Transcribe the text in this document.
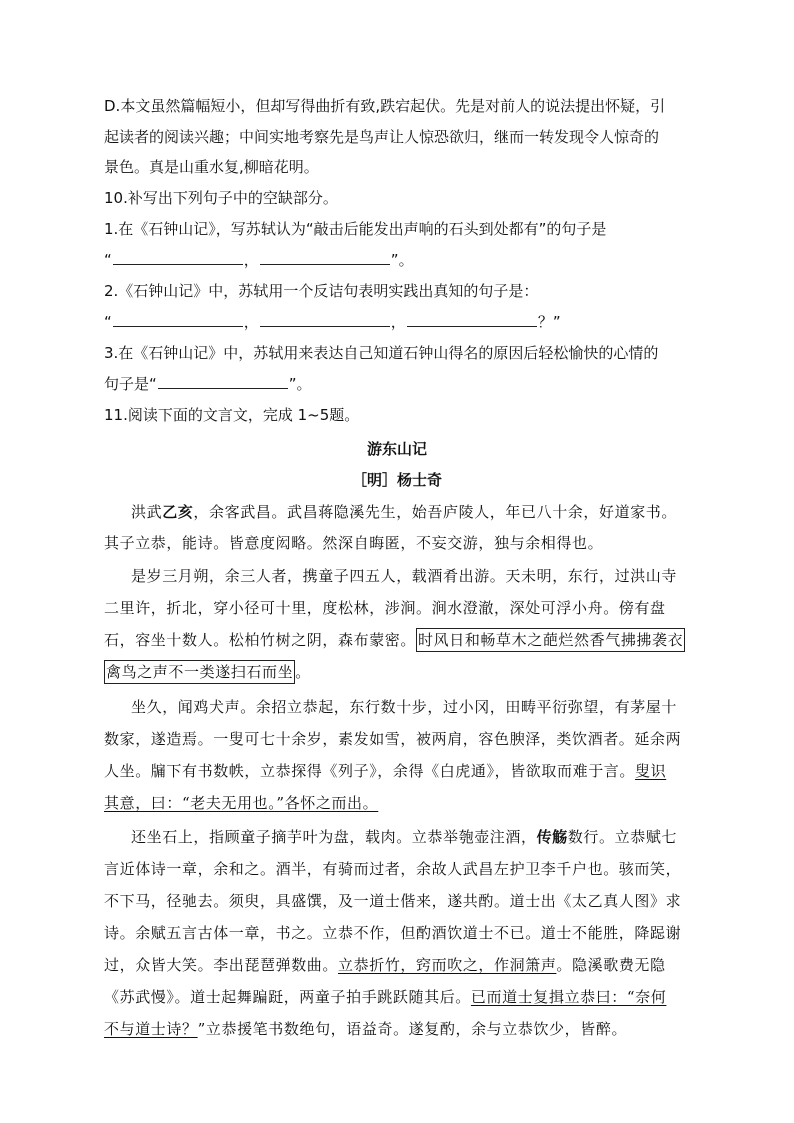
D.本文虽然篇幅短小，但却写得曲折有致,跌宕起伏。先是对前人的说法提出怀疑，引
起读者的阅读兴趣；中间实地考察先是鸟声让人惊恐欲归，继而一转发现令人惊奇的
景色。真是山重水复,柳暗花明。
10.补写出下列句子中的空缺部分。
1.在《石钟山记》，写苏轼认为“敲击后能发出声响的石头到处都有”的句子是
“	，	”。
2.《石钟山记》中，苏轼用一个反诘句表明实践出真知的句子是：
“	，	，	？”
3.在《石钟山记》中，苏轼用来表达自己知道石钟山得名的原因后轻松愉快的心情的
句子是“	”。
11.阅读下面的文言文，完成 1~5题。
游东山记
［明］杨士奇
洪武乙亥，余客武昌。武昌蒋隐溪先生，始吾庐陵人，年已八十余，好道家书。
其子立恭，能诗。皆意度闳略。然深自晦匿，不妄交游，独与余相得也。
是岁三月朔，余三人者，携童子四五人，载酒肴出游。天未明，东行，过洪山寺
二里许，折北，穿小径可十里，度松林，涉涧。涧水澄澈，深处可浮小舟。傍有盘
石，容坐十数人。松柏竹树之阴，森布蒙密。 时风日和畅草木之葩烂然香气拂拂袭衣
禽鸟之声不一类遂扫石而坐 。
坐久，闻鸡犬声。余招立恭起，东行数十步，过小冈，田畴平衍弥望，有茅屋十
数家，遂造焉。一叟可七十余岁，素发如雪，被两肩，容色腴泽，类饮酒者。延余两
人坐。牖下有书数帙，立恭探得《列子》，余得《白虎通》，皆欲取而难于言。叟识
其意，曰：“老夫无用也。”各怀之而出。
还坐石上，指顾童子摘芋叶为盘，载肉。立恭举匏壶注酒，传觞数行。立恭赋七
言近体诗一章，余和之。酒半，有骑而过者，余故人武昌左护卫李千户也。骇而笑，
不下马，径驰去。须臾，具盛馔，及一道士偕来，遂共酌。道士出《太乙真人图》求
诗。余赋五言古体一章，书之。立恭不作，但酌酒饮道士不已。道士不能胜，降跽谢
过，众皆大笑。李出琵琶弹数曲。立恭折竹，窍而吹之，作洞箫声。隐溪歌费无隐
《苏武慢》。道士起舞蹁跹，两童子拍手跳跃随其后。已而道士复揖立恭曰：“奈何
不与道士诗？”立恭援笔书数绝句，语益奇。遂复酌，余与立恭饮少，皆醉。
